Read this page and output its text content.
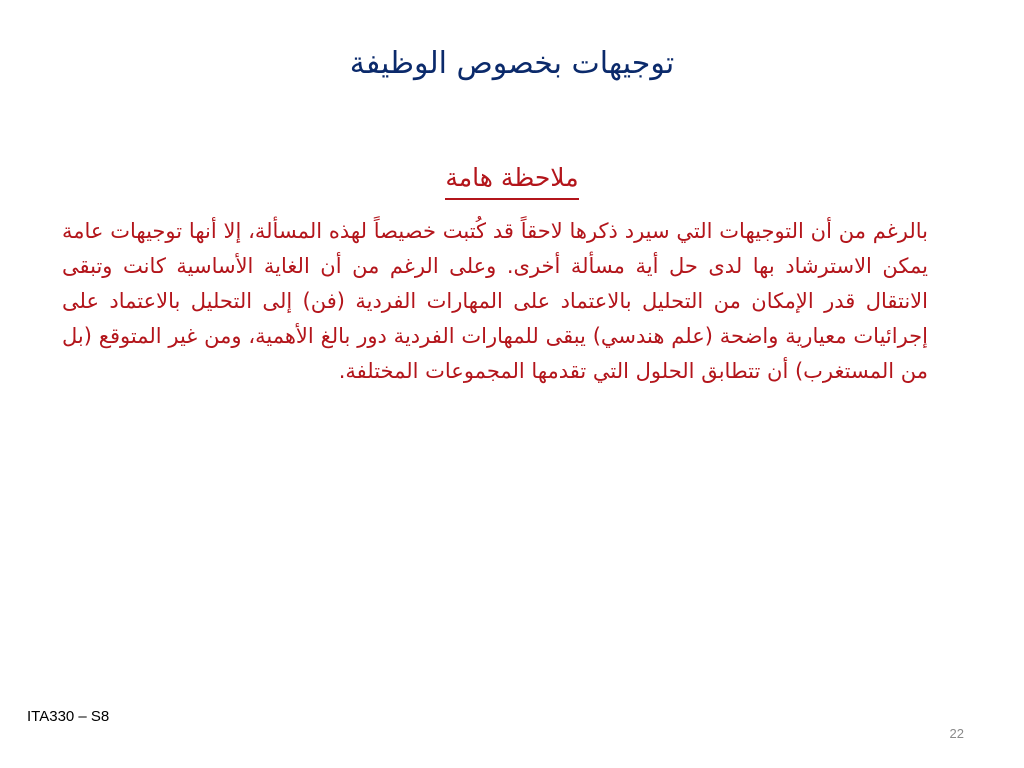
توجيهات بخصوص الوظيفة
ملاحظة هامة

بالرغم من أن التوجيهات التي سيرد ذكرها لاحقاً قد كُتبت خصيصاً لهذه المسألة، إلا أنها توجيهات عامة يمكن الاسترشاد بها لدى حل أية مسألة أخرى. وعلى الرغم من أن الغاية الأساسية كانت وتبقى الانتقال قدر الإمكان من التحليل بالاعتماد على المهارات الفردية (فن) إلى التحليل بالاعتماد على إجرائيات معيارية واضحة (علم هندسي) يبقى للمهارات الفردية دور بالغ الأهمية، ومن غير المتوقع (بل من المستغرب) أن تتطابق الحلول التي تقدمها المجموعات المختلفة.

ITA330 – S8
22
